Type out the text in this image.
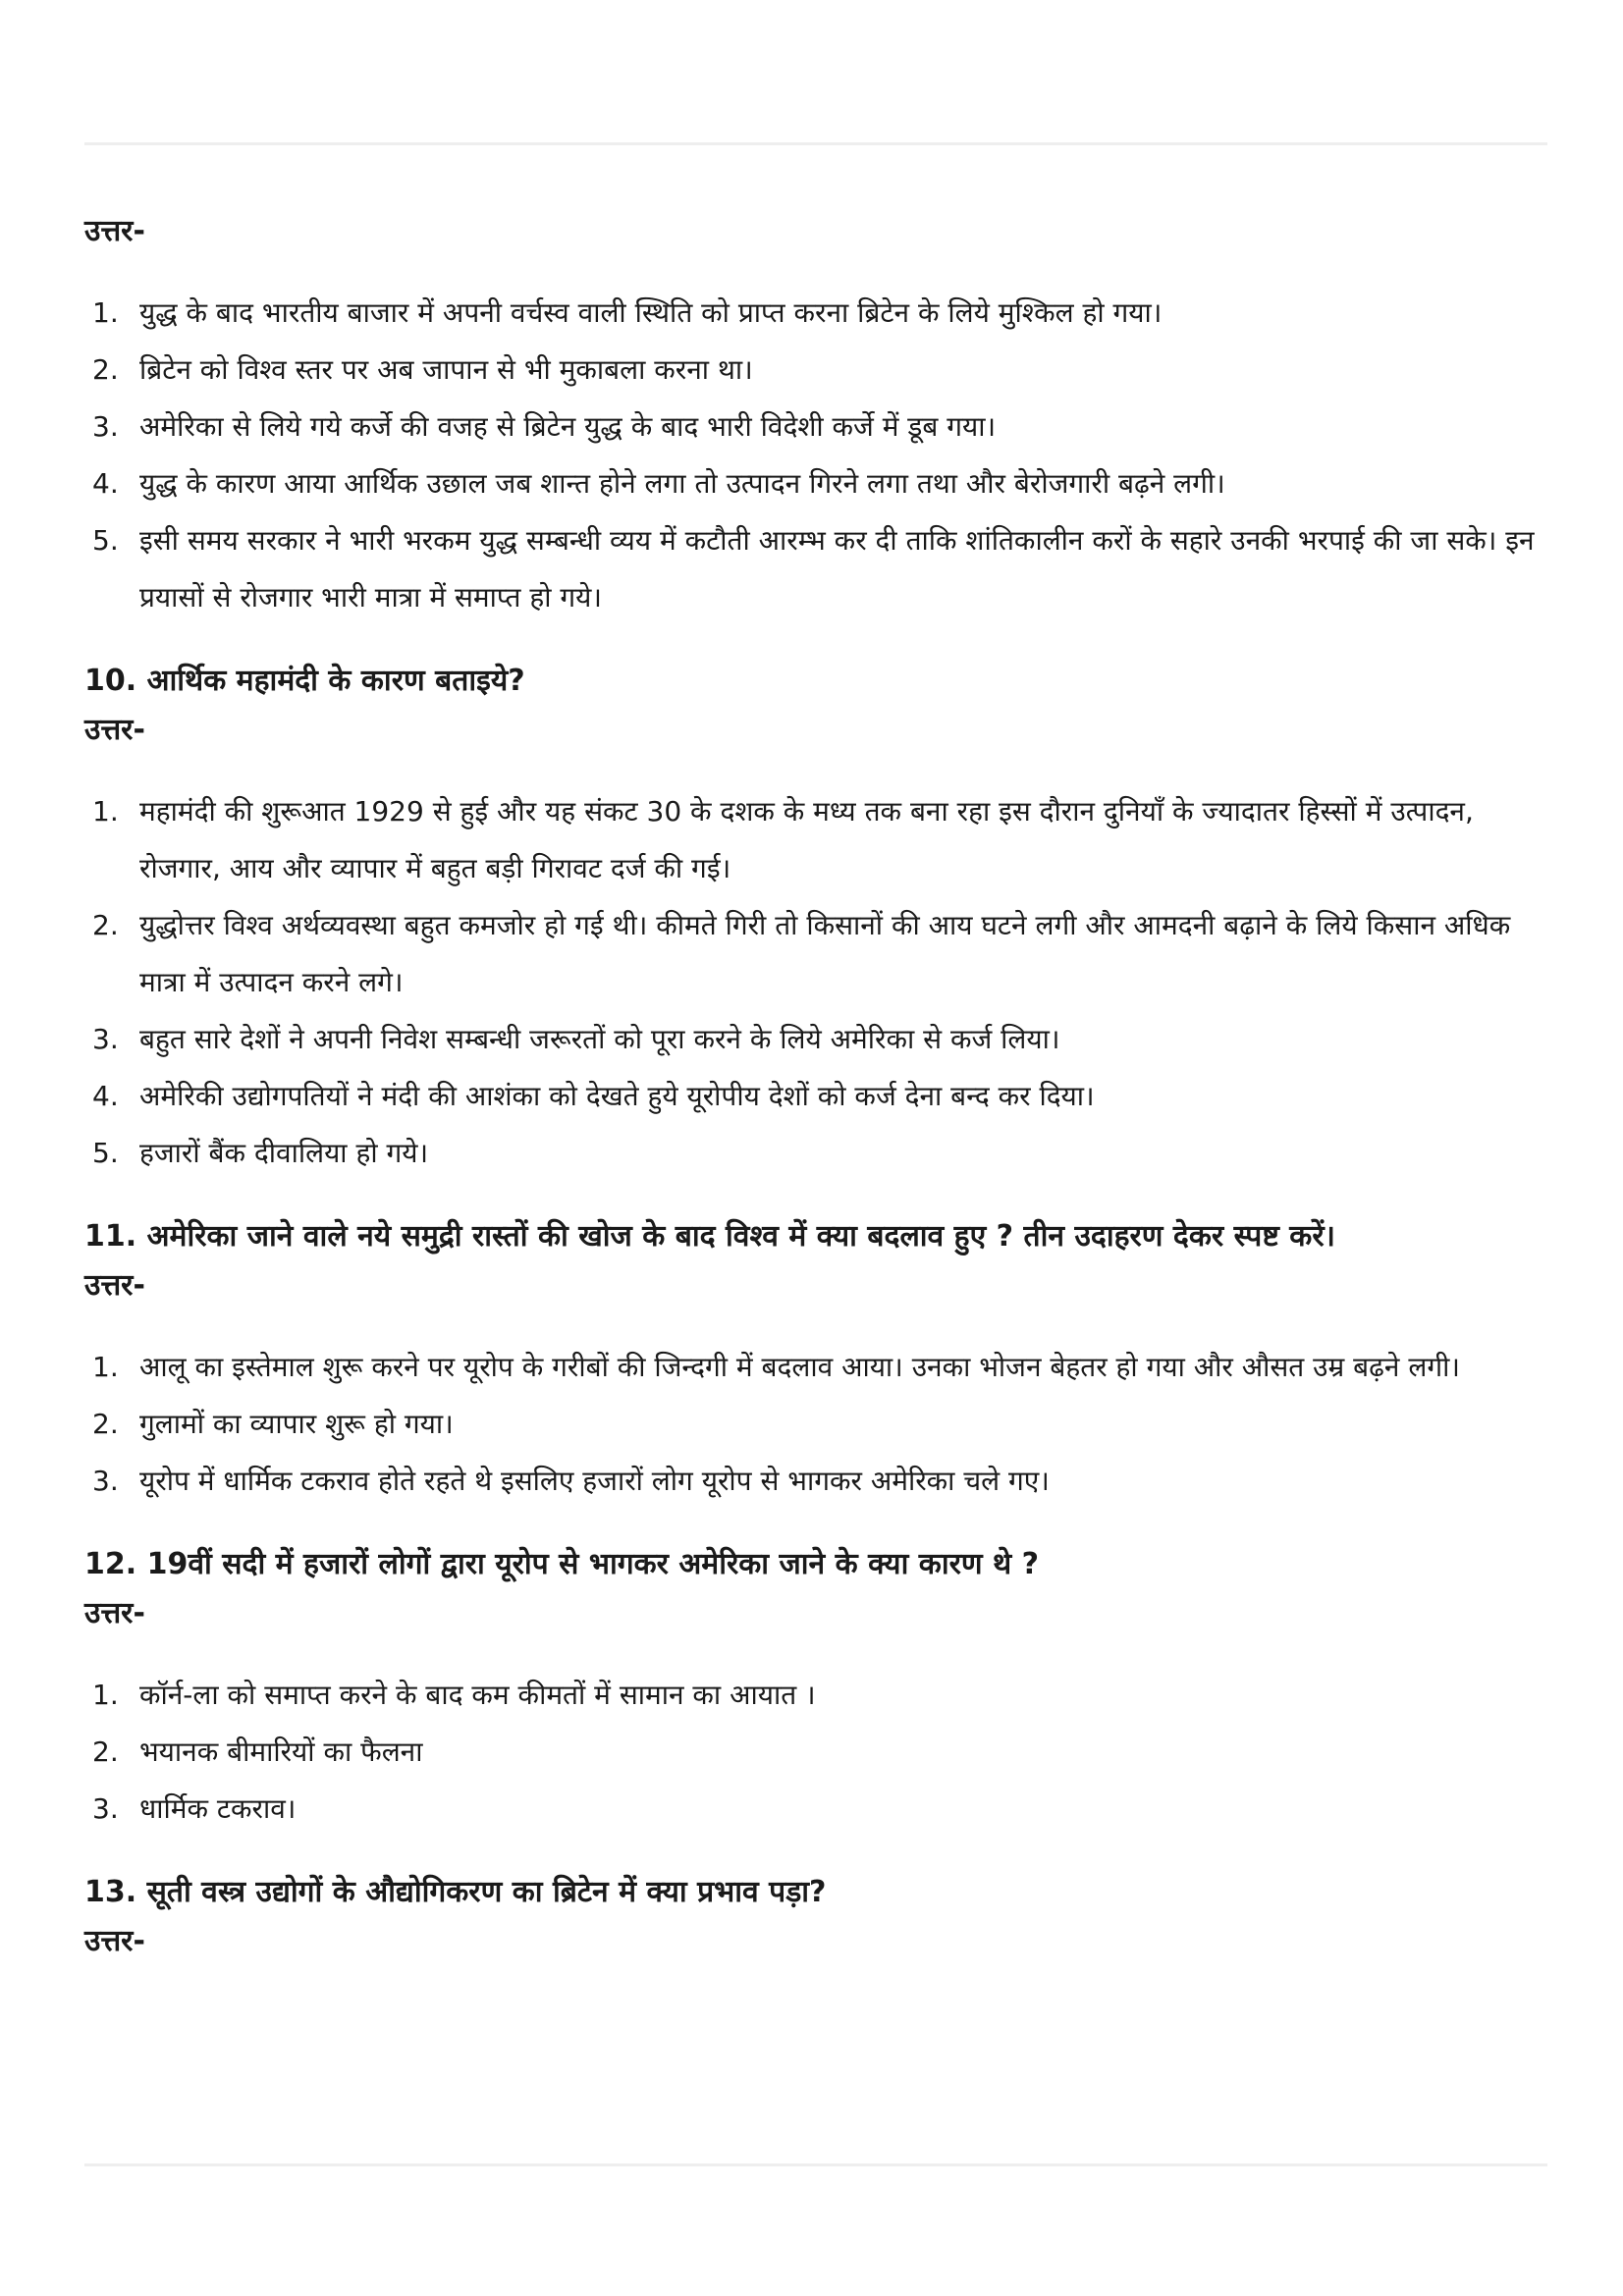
उत्तर-
1. युद्ध के बाद भारतीय बाजार में अपनी वर्चस्व वाली स्थिति को प्राप्त करना ब्रिटेन के लिये मुश्किल हो गया।
2. ब्रिटेन को विश्व स्तर पर अब जापान से भी मुकाबला करना था।
3. अमेरिका से लिये गये कर्जे की वजह से ब्रिटेन युद्ध के बाद भारी विदेशी कर्जे में डूब गया।
4. युद्ध के कारण आया आर्थिक उछाल जब शान्त होने लगा तो उत्पादन गिरने लगा तथा और बेरोजगारी बढ़ने लगी।
5. इसी समय सरकार ने भारी भरकम युद्ध सम्बन्धी व्यय में कटौती आरम्भ कर दी ताकि शांतिकालीन करों के सहारे उनकी भरपाई की जा सके। इन प्रयासों से रोजगार भारी मात्रा में समाप्त हो गये।
10. आर्थिक महामंदी के कारण बताइये?
उत्तर-
1. महामंदी की शुरूआत 1929 से हुई और यह संकट 30 के दशक के मध्य तक बना रहा इस दौरान दुनियाँ के ज्यादातर हिस्सों में उत्पादन, रोजगार, आय और व्यापार में बहुत बड़ी गिरावट दर्ज की गई।
2. युद्धोत्तर विश्व अर्थव्यवस्था बहुत कमजोर हो गई थी। कीमते गिरी तो किसानों की आय घटने लगी और आमदनी बढ़ाने के लिये किसान अधिक मात्रा में उत्पादन करने लगे।
3. बहुत सारे देशों ने अपनी निवेश सम्बन्धी जरूरतों को पूरा करने के लिये अमेरिका से कर्ज लिया।
4. अमेरिकी उद्योगपतियों ने मंदी की आशंका को देखते हुये यूरोपीय देशों को कर्ज देना बन्द कर दिया।
5. हजारों बैंक दीवालिया हो गये।
11. अमेरिका जाने वाले नये समुद्री रास्तों की खोज के बाद विश्व में क्या बदलाव हुए ? तीन उदाहरण देकर स्पष्ट करें।
उत्तर-
1. आलू का इस्तेमाल शुरू करने पर यूरोप के गरीबों की जिन्दगी में बदलाव आया। उनका भोजन बेहतर हो गया और औसत उम्र बढ़ने लगी।
2. गुलामों का व्यापार शुरू हो गया।
3. यूरोप में धार्मिक टकराव होते रहते थे इसलिए हजारों लोग यूरोप से भागकर अमेरिका चले गए।
12. 19वीं सदी में हजारों लोगों द्वारा यूरोप से भागकर अमेरिका जाने के क्या कारण थे ?
उत्तर-
1. कॉर्न-ला को समाप्त करने के बाद कम कीमतों में सामान का आयात ।
2. भयानक बीमारियों का फैलना
3. धार्मिक टकराव।
13. सूती वस्त्र उद्योगों के औद्योगिकरण का ब्रिटेन में क्या प्रभाव पड़ा?
उत्तर-
